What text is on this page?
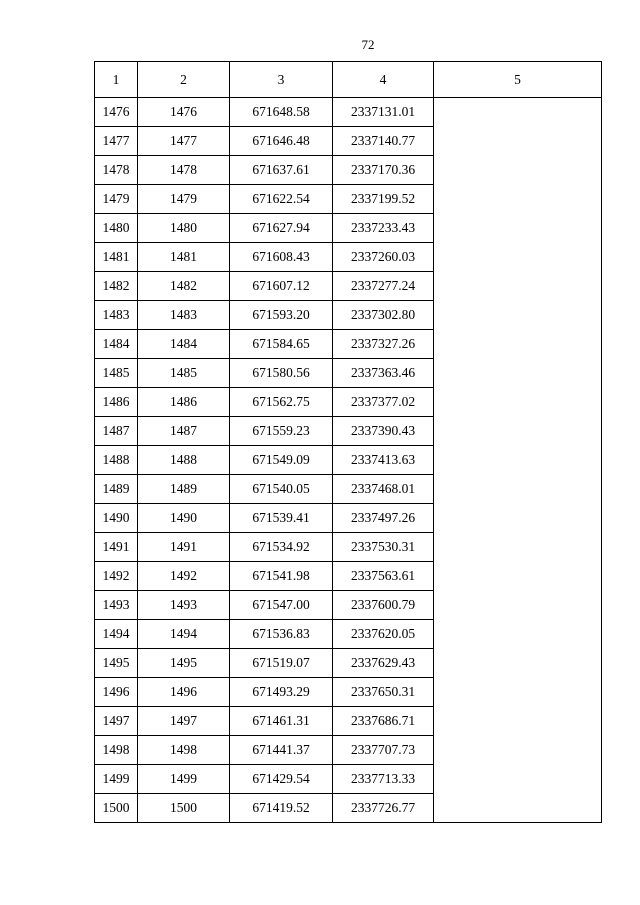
72
1	2	3	4	5
1476	1476	671648.58	2337131.01	
1477	1477	671646.48	2337140.77	
1478	1478	671637.61	2337170.36	
1479	1479	671622.54	2337199.52	
1480	1480	671627.94	2337233.43	
1481	1481	671608.43	2337260.03	
1482	1482	671607.12	2337277.24	
1483	1483	671593.20	2337302.80	
1484	1484	671584.65	2337327.26	
1485	1485	671580.56	2337363.46	
1486	1486	671562.75	2337377.02	
1487	1487	671559.23	2337390.43	
1488	1488	671549.09	2337413.63	
1489	1489	671540.05	2337468.01	
1490	1490	671539.41	2337497.26	
1491	1491	671534.92	2337530.31	
1492	1492	671541.98	2337563.61	
1493	1493	671547.00	2337600.79	
1494	1494	671536.83	2337620.05	
1495	1495	671519.07	2337629.43	
1496	1496	671493.29	2337650.31	
1497	1497	671461.31	2337686.71	
1498	1498	671441.37	2337707.73	
1499	1499	671429.54	2337713.33	
1500	1500	671419.52	2337726.77	
